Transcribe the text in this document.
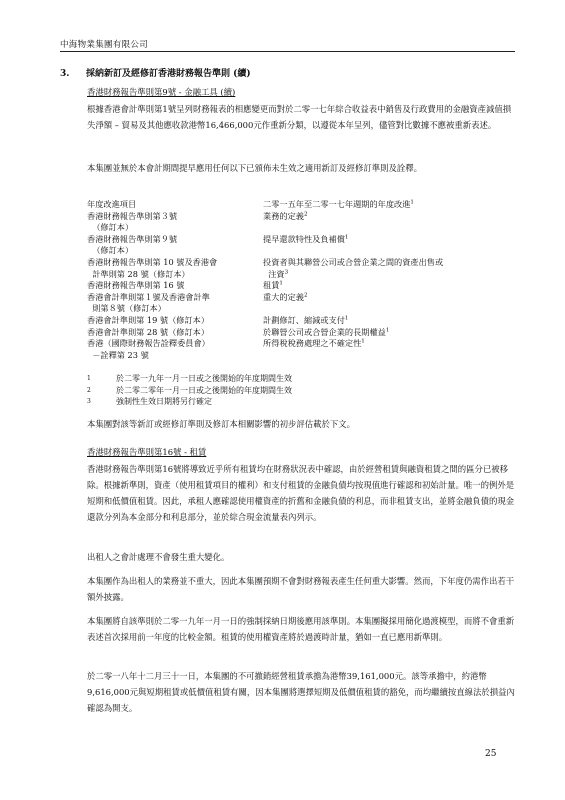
中海物業集團有限公司
3. 採納新訂及經修訂香港財務報告準則 (續)
香港財務報告準則第9號 - 金融工具 (續)
根據香港會計準則第1號呈列財務報表的相應變更而對於二零一七年綜合收益表中銷售及行政費用的金融資產減值損失淨額 – 貿易及其他應收款港幣16,466,000元作重新分類，以遵從本年呈列，儘管對比數據不應被重新表述。
本集團並無於本會計期間提早應用任何以下已頒佈未生效之適用新訂及經修訂準則及詮釋。
年度改進項目	二零一五年至二零一七年週期的年度改進$^1$
香港財務報告準則第３號	業務的定義$^2$
（修訂本）
香港財務報告準則第９號	提早還款特性及負補償$^1$
（修訂本）
香港財務報告準則第 10 號及香港會	投資者與其聯營公司或合營企業之間的資產出售或
計準則第 28 號（修訂本）	注資$^3$
香港財務報告準則第 16 號	租賃$^1$
香港會計準則第１號及香港會計準	重大的定義$^2$
則第８號（修訂本）
香港會計準則第 19 號（修訂本）	計劃修訂、縮減或支付$^1$
香港會計準則第 28 號（修訂本）	於聯營公司或合營企業的長期權益$^1$
香港（國際財務報告詮釋委員會）	所得稅稅務處理之不確定性$^1$
－詮釋第 23 號
1	於二零一九年一月一日或之後開始的年度期間生效
2	於二零二零年一月一日或之後開始的年度期間生效
3	強制性生效日期將另行確定
本集團對該等新訂或經修訂準則及修訂本相關影響的初步評估載於下文。
香港財務報告準則第16號 - 租賃
香港財務報告準則第16號將導致近乎所有租賃均在財務狀況表中確認，由於經營租賃與融資租賃之間的區分已被移除。根據新準則，資產（使用租賃項目的權利）和支付租賃的金融負債均按現值進行確認和初始計量。唯一的例外是短期和低價值租賃。因此，承租人應確認使用權資產的折舊和金融負債的利息，而非租賃支出，並將金融負債的現金還款分列為本金部分和利息部分，並於綜合現金流量表內列示。
出租人之會計處理不會發生重大變化。
本集團作為出租人的業務並不重大，因此本集團預期不會對財務報表產生任何重大影響。然而，下年度仍需作出若干額外披露。
本集團將自該準則於二零一九年一月一日的強制採納日期後應用該準則。本集團擬採用簡化過渡模型，而將不會重新表述首次採用前一年度的比較金額。租賃的使用權資產將於過渡時計量，猶如一直已應用新準則。
於二零一八年十二月三十一日，本集團的不可撤銷經營租賃承擔為港幣39,161,000元。該等承擔中，約港幣9,616,000元與短期租賃或低價值租賃有關，因本集團將選擇短期及低價值租賃的豁免，而均繼續按直線法於損益內確認為開支。
25
